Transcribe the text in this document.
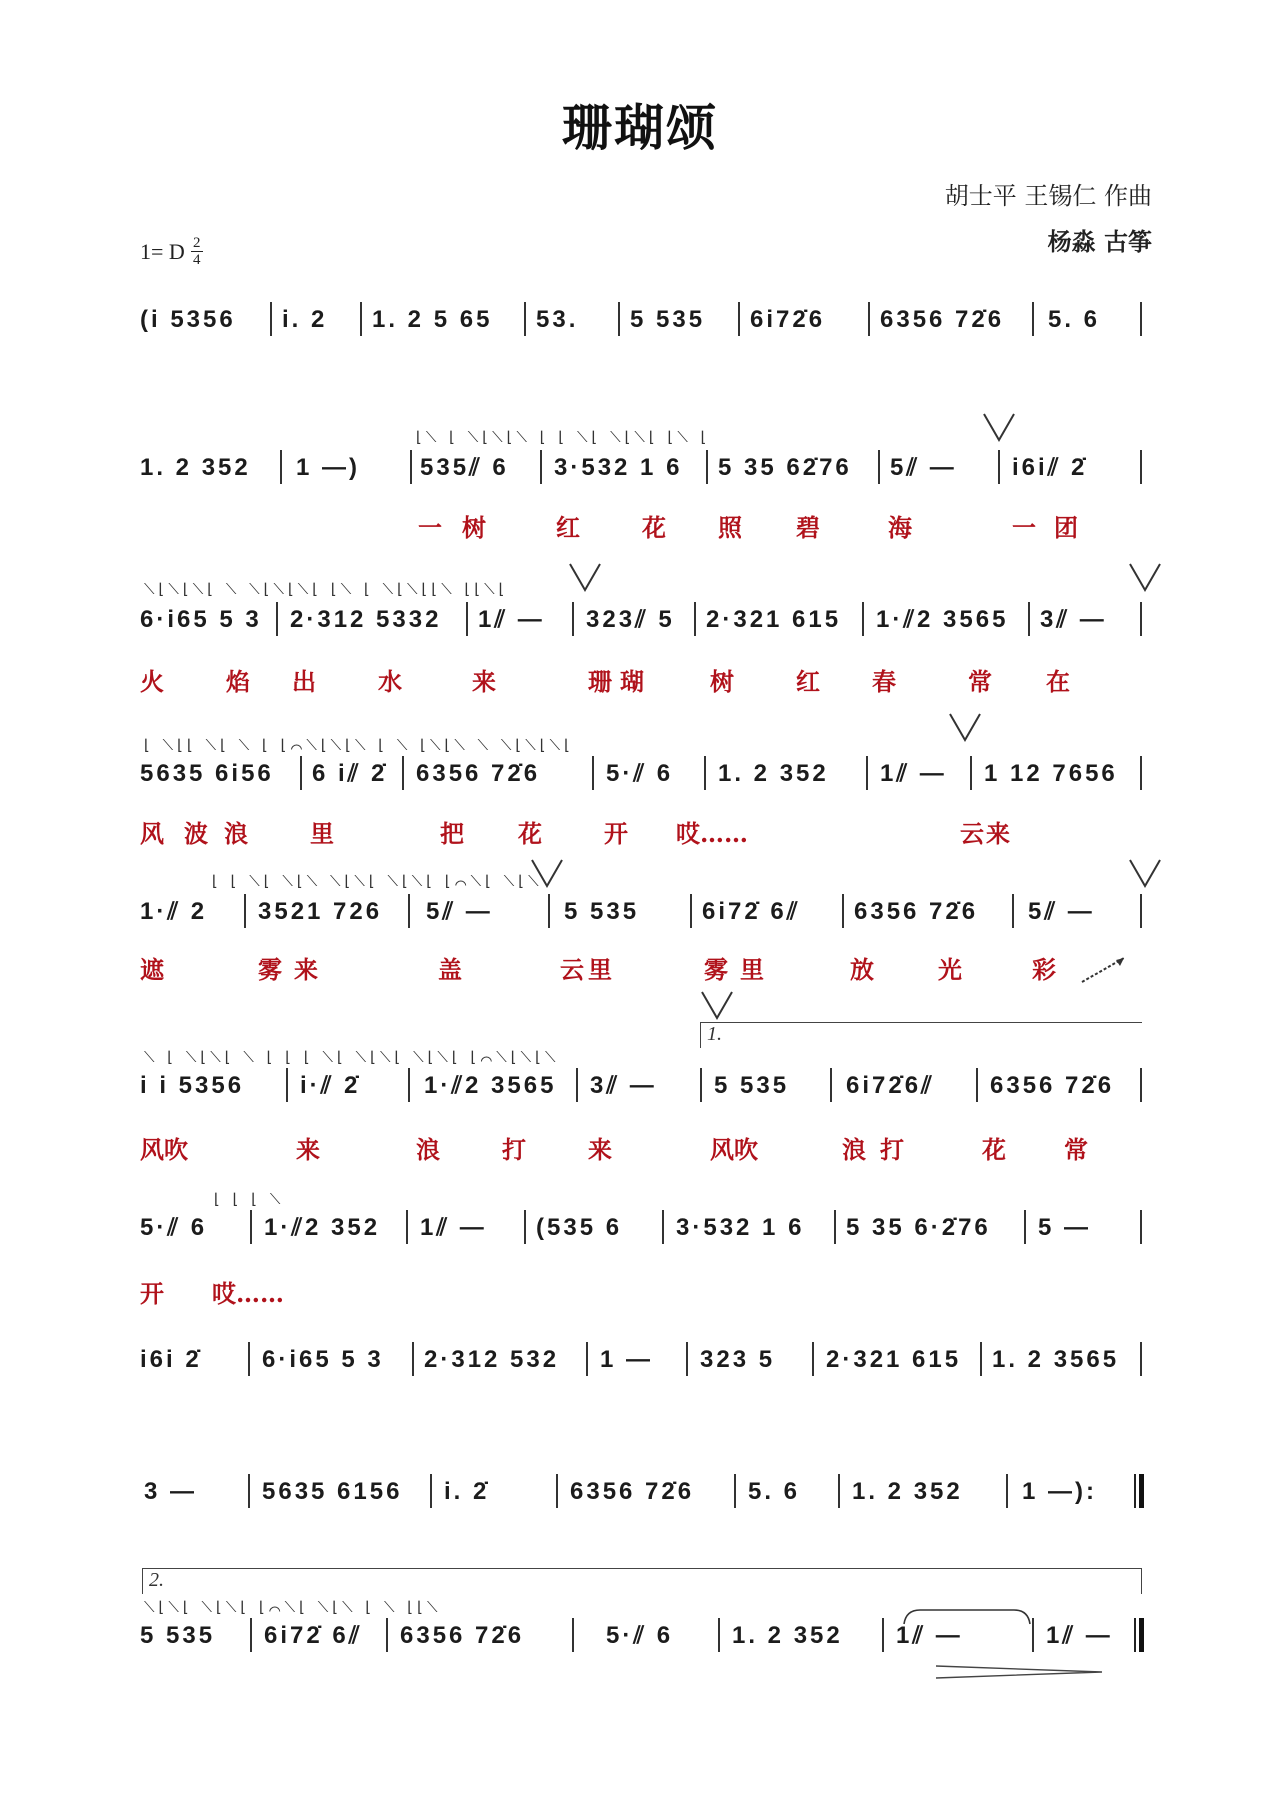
珊瑚颂
胡士平 王锡仁 作曲
杨淼 古筝
1= D $\frac{2}{4}$
(i 5356 i. 2 1. 2 5 65 53. 5 535 6i72̇6 6356 72̇6 5. 6
⌊⟍ ⌊ ⟍⌊⟍⌊⟍ ⌊ ⌊ ⟍⌊ ⟍⌊⟍⌊ ⌊⟍ ⌊
1. 2 352 1 —) 535⫽ 6 3·532 1 6 5 35 62̇76 5⫽ — i6i⫽ 2̇
一 树	红	花 照 碧	海	一 团
⟍⌊⟍⌊⟍⌊ ⟍ ⟍⌊⟍⌊⟍⌊ ⌊⟍ ⌊ ⟍⌊⟍⌊⌊⟍ ⌊⌊⟍⌊
6·i65 5 3 2·312 5332 1⫽ — 323⫽ 5 2·321 615 1·⫽2 3565 3⫽ —
火	焰 出	水	来	珊瑚 树	红 春	常 在
⌊ ⟍⌊⌊ ⟍⌊ ⟍ ⌊ ⌊⌒⟍⌊⟍⌊⟍ ⌊ ⟍ ⌊⟍⌊⟍ ⟍ ⟍⌊⟍⌊⟍⌊
5635 6i56 6 i⫽ 2̇ 6356 72̇6	5·⫽ 6 1. 2 352 1⫽ — 1 12 7656
风 波 浪	里	把 花	开 哎……	云来
⌊ ⌊ ⟍⌊ ⟍⌊⟍ ⟍⌊⟍⌊ ⟍⌊⟍⌊ ⌊⌒⟍⌊ ⟍⌊⟍
1·⫽ 2 3521 726 5⫽ —	5 535	6i72̇ 6⫽ 6356 72̇6 5⫽ —
遮	雾 来	盖	云里	雾 里	放	光	彩
1.
⟍ ⌊ ⟍⌊⟍⌊ ⟍ ⌊ ⌊ ⌊ ⟍⌊ ⟍⌊⟍⌊ ⟍⌊⟍⌊ ⌊⌒⟍⌊⟍⌊⟍
i i 5356 i·⫽ 2̇	1·⫽2 3565 3⫽ — 5 535 6i72̇6⫽ 6356 72̇6
风吹	来	浪	打	来	风吹	浪 打	花 常
⌊ ⌊ ⌊ ⟍
5·⫽ 6 1·⫽2 352 1⫽ — (535 6 3·532 1 6 5 35 6·2̇76 5 —
开 哎……
i6i 2̇	6·i65 5 3 2·312 532 1 — 323 5 2·321 615 1. 2 3565
3 —	5635 6156 i. 2̇	6356 72̇6 5. 6 1. 2 352 1 —):
2.
⟍⌊⟍⌊ ⟍⌊⟍⌊ ⌊⌒⟍⌊ ⟍⌊⟍ ⌊ ⟍ ⌊⌊⟍
5 535 6i72̇ 6⫽ 6356 72̇6	5·⫽ 6 1. 2 352 1⫽ —	1⫽ —
